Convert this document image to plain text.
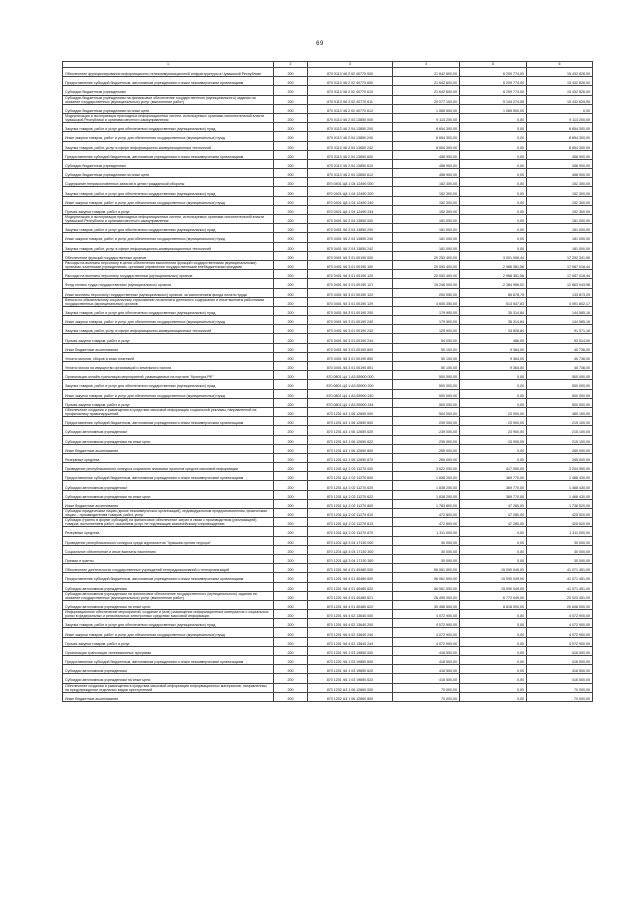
69
1	2	3	4	5	6
Обеспечение функционирования информационно-телекоммуникационной инфраструктуры в Чувашской Республике	200	870 0113 Ч6 2 02 40770 000	21 642 600,00	6 209 774,00	15 432 826,00
Предоставление субсидий бюджетным, автономным учреждениям и иным некоммерческим организациям	200	870 0113 Ч6 2 02 40770 600	21 642 600,00	6 209 774,00	15 432 826,00
Субсидии бюджетным учреждениям	200	870 0113 Ч6 2 02 40770 610	21 642 600,00	6 209 774,00	15 432 826,00
Субсидии бюджетным учреждениям на финансовое обеспечение государственного (муниципального) задания на оказание государственных (муниципальных) услуг (выполнение работ)	200	870 0113 Ч6 2 02 40770 611	20 077 100,00	5 144 274,05	15 432 825,95
Субсидии бюджетным учреждениям на иные цели	200	870 0113 Ч6 2 02 40770 612	1 065 500,00	1 065 500,00	0,00
Модернизация и эксплуатация прикладных информационных систем, используемых органами исполнительной власти Чувашской Республики и органами местного самоуправления	200	870 0113 Ч6 2 04 13850 000	9 113 200,00	0,00	9 113 200,00
Закупка товаров, работ и услуг для обеспечения государственных (муниципальных) нужд	200	870 0113 Ч6 2 04 13850 200	8 654 300,00	0,00	8 654 300,00
Иные закупки товаров, работ и услуг для обеспечения государственных (муниципальных) нужд	200	870 0113 Ч6 2 04 13850 240	8 654 300,00	0,00	8 654 300,00
Закупка товаров, работ, услуг в сфере информационно-коммуникационных технологий	200	870 0113 Ч6 2 04 13850 242	8 654 300,00	0,00	8 654 300,00
Предоставление субсидий бюджетным, автономным учреждениям и иным некоммерческим организациям	200	870 0113 Ч6 2 04 13850 600	458 900,00	0,00	458 900,00
Субсидии бюджетным учреждениям	200	870 0113 Ч6 2 04 13850 610	458 900,00	0,00	458 900,00
Субсидии бюджетным учреждениям на иные цели	200	870 0113 Ч6 2 04 13850 612	458 900,00	0,00	458 900,00
Содержание неприкосновенных запасов в целях гражданской обороны	200	870 0401 Ц8 1 04 12490 000	152 300,00	0,00	152 300,00
Закупка товаров, работ и услуг для обеспечения государственных (муниципальных) нужд	200	870 0401 Ц8 1 04 12490 200	152 300,00	0,00	152 300,00
Иные закупки товаров, работ и услуг для обеспечения государственных (муниципальных) нужд	200	870 0401 Ц8 1 04 12490 240	152 300,00	0,00	152 300,00
Прочая закупка товаров, работ и услуг	200	870 0401 Ц8 1 04 12490 244	152 300,00	0,00	152 300,00
Модернизация и эксплуатация прикладных информационных систем, используемых органами исполнительной власти Чувашской Республики и органами местного самоуправления	200	870 0401 Ч6 2 04 13850 000	181 000,00	0,00	181 000,00
Закупка товаров, работ и услуг для обеспечения государственных (муниципальных) нужд	200	870 0401 Ч6 2 04 13850 200	181 000,00	0,00	181 000,00
Иные закупки товаров, работ и услуг для обеспечения государственных (муниципальных) нужд	200	870 0401 Ч6 2 04 13850 240	181 000,00	0,00	181 000,00
Закупка товаров, работ, услуг в сфере информационно-коммуникационных технологий	200	870 0401 Ч6 2 04 13850 242	181 000,00	0,00	181 000,00
Обеспечение функций государственных органов	200	870 0401 Ч6 3 01 00190 000	20 253 400,00	3 001 058,44	17 252 341,56
Расходы на выплаты персоналу в целях обеспечения выполнения функций государственными (муниципальными) органами, казенными учреждениями, органами управления государственными внебюджетными фондами	200	870 0401 Ч6 3 01 00190 100	20 053 400,00	2 966 381,56	17 087 018,44
Расходы на выплаты персоналу государственных (муниципальных) органов	200	870 0401 Ч6 3 01 00190 120	20 053 400,00	2 966 381,56	17 087 018,44
Фонд оплаты труда государственных (муниципальных) органов	200	870 0401 Ч6 3 01 00190 121	15 248 000,00	2 384 956,02	12 863 043,98
Иные выплаты персоналу государственных (муниципальных) органов, за исключением фонда оплаты труда	200	870 0401 Ч6 3 01 00190 122	200 050,00	65 678,75	133 873,25
Взносы по обязательному социальному страхованию на выплаты денежного содержания и иные выплаты работникам государственных (муниципальных) органов	200	870 0401 Ч6 3 01 00190 129	4 605 350,00	513 547,83	4 091 802,17
Закупка товаров, работ и услуг для обеспечения государственных (муниципальных) нужд	200	870 0401 Ч6 3 01 00190 200	179 900,00	35 314,84	144 585,16
Иные закупки товаров, работ и услуг для обеспечения государственных (муниципальных) нужд	200	870 0401 Ч6 3 01 00190 240	179 900,00	35 314,84	144 585,16
Закупка товаров, работ, услуг в сфере информационно-коммуникационных технологий	200	870 0401 Ч6 3 01 00190 242	125 900,00	34 828,84	91 071,16
Прочая закупка товаров, работ и услуг	200	870 0401 Ч6 3 01 00190 244	54 000,00	486,00	53 514,00
Иные бюджетные ассигнования	200	870 0401 Ч6 3 01 00190 800	50 100,00	9 364,00	40 736,00
Уплата налогов, сборов и иных платежей	200	870 0401 Ч6 3 01 00190 850	50 100,00	9 364,00	40 736,00
Уплата налога на имущество организаций и земельного налога	200	870 0401 Ч6 3 01 00190 851	50 100,00	9 364,00	40 736,00
Организация онлайн-трансляции мероприятий, размещаемых на портале "Культура.РФ"	200	870 0801 Ц4 1 А3 55900 000	500 000,00	0,00	500 000,00
Закупка товаров, работ и услуг для обеспечения государственных (муниципальных) нужд	200	870 0801 Ц4 1 А3 55900 200	500 000,00	0,00	500 000,00
Иные закупки товаров, работ и услуг для обеспечения государственных (муниципальных) нужд	200	870 0801 Ц4 1 А3 55900 240	500 000,00	0,00	500 000,00
Прочая закупка товаров, работ и услуг	200	870 0801 Ц4 1 А3 55900 244	500 000,00	0,00	500 000,00
Обеспечение создания и размещения в средствах массовой информации социальной рекламы, направленной на профилактику правонарушений	200	870 1201 А3 1 06 12650 000	504 000,00	23 900,00	480 100,00
Предоставление субсидий бюджетным, автономным учреждениям и иным некоммерческим организациям	200	870 1201 А3 1 06 12650 600	239 000,00	23 900,00	215 100,00
Субсидии автономным учреждениям	200	870 1201 А3 1 06 12650 620	239 000,00	23 900,00	215 100,00
Субсидии автономным учреждениям на иные цели	200	870 1201 А3 1 06 12650 622	239 000,00	23 905,05	215 100,00
Иные бюджетные ассигнования	200	870 1201 А3 1 06 12650 800	265 000,00	0,00	265 000,00
Резервные средства	200	870 1201 А3 1 06 12650 870	265 000,00	0,00	265 000,00
Проведение республиканского конкурса социально значимых проектов средств массовой информации	200	870 1201 Ц4 2 02 11270 000	3 622 000,00	417 050,00	3 204 950,00
Предоставление субсидий бюджетным, автономным учреждениям и иным некоммерческим организациям	200	870 1201 Ц4 2 02 11270 600	1 838 200,00	369 770,00	1 468 430,00
Субсидии автономным учреждениям	200	870 1201 Ц4 2 02 11270 620	1 838 200,00	369 770,00	1 468 430,00
Субсидии автономным учреждениям на иные цели	200	870 1201 Ц4 2 02 11270 622	1 838 200,00	369 770,00	1 468 430,00
Иные бюджетные ассигнования	200	870 1201 Ц4 2 02 11270 800	1 783 800,00	47 280,00	1 736 520,00
Субсидии юридическим лицам (кроме некоммерческих организаций), индивидуальным предпринимателям, физическим лицам – производителям товаров, работ, услуг	200	870 1201 Ц4 2 02 11270 810	472 800,00	47 280,00	425 520,00
Субсидии (гранты в форме субсидий) на финансовое обеспечение затрат в связи с производством (реализацией) товаров, выполнением работ, оказанием услуг, не подлежащие казначейскому сопровождению	200	870 1201 Ц4 2 02 11270 813	472 800,00	47 280,00	425 520,00
Резервные средства	200	870 1201 Ц4 2 02 11270 870	1 311 000,00	0,00	1 311 000,00
Проведение республиканского конкурса среди журналистов "Чувашия против террора"	200	870 1201 Ц8 3 04 17130 000	30 000,00	0,00	30 000,00
Социальное обеспечение и иные выплаты населению	200	870 1201 Ц8 3 04 17130 300	30 000,00	0,00	30 000,00
Премии и гранты	200	870 1201 Ц8 3 04 17130 350	30 000,00	0,00	30 000,00
Обеспечение деятельности государственных учреждений телерадиокомпаний и телеорганизаций	200	870 1201 Ч6 4 01 40480 000	56 061 500,00	15 090 049,00	41 071 451,00
Предоставление субсидий бюджетным, автономным учреждениям и иным некоммерческим организациям	200	870 1201 Ч6 4 01 40480 600	56 061 500,00	15 090 049,00	41 071 451,00
Субсидии автономным учреждениям	200	870 1201 Ч6 4 01 40480 620	56 061 500,00	15 090 049,00	41 071 451,00
Субсидии автономным учреждениям на финансовое обеспечение государственного (муниципального) задания на оказание государственных (муниципальных) услуг (выполнение работ)	200	870 1201 Ч6 4 01 40480 621	26 495 000,00	6 772 049,00	20 023 451,00
Субсидии автономным учреждениям на иные цели	200	870 1201 Ч6 4 01 40480 622	30 456 500,00	8 818 000,00	20 648 000,00
Информационное обеспечение мероприятий, создание и (или) размещение информационных материалов о социальных ролях в федеральных и региональных электронных средствах массовой информации	200	870 1201 Ч6 4 02 13640 000	4 072 900,00	0,00	4 072 900,00
Закупка товаров, работ и услуг для обеспечения государственных (муниципальных) нужд	200	870 1201 Ч6 4 02 13640 200	4 072 900,00	0,00	4 072 900,00
Иные закупки товаров, работ и услуг для обеспечения государственных (муниципальных) нужд	200	870 1201 Ч6 4 02 13640 240	4 072 900,00	0,00	4 072 900,00
Прочая закупка товаров, работ и услуг	200	870 1201 Ч6 4 02 13640 244	4 072 900,00	0,00	4 072 900,00
Организация трансляции телевизионных программ	200	870 1201 Ч6 1 03 19850 000	416 500,00	0,00	416 500,00
Предоставление субсидий бюджетным, автономным учреждениям и иным некоммерческим организациям	200	870 1201 Ч6 1 03 19850 600	416 500,00	0,00	416 500,00
Субсидии автономным учреждениям	200	870 1201 Ч6 1 03 19850 620	416 500,00	0,00	416 500,00
Субсидии автономным учреждениям на иные цели	200	870 1201 Ч6 1 03 19850 622	416 500,00	0,00	416 500,00
Обеспечение создания и размещения в средствах массовой информации информационных материалов, направленных на предупреждение отдельных видов преступлений	200	870 1202 А3 1 06 12660 000	70 000,00	0,00	70 000,00
Иные бюджетные ассигнования	200	870 1202 А3 1 06 12660 800	70 000,00	0,00	70 000,00
